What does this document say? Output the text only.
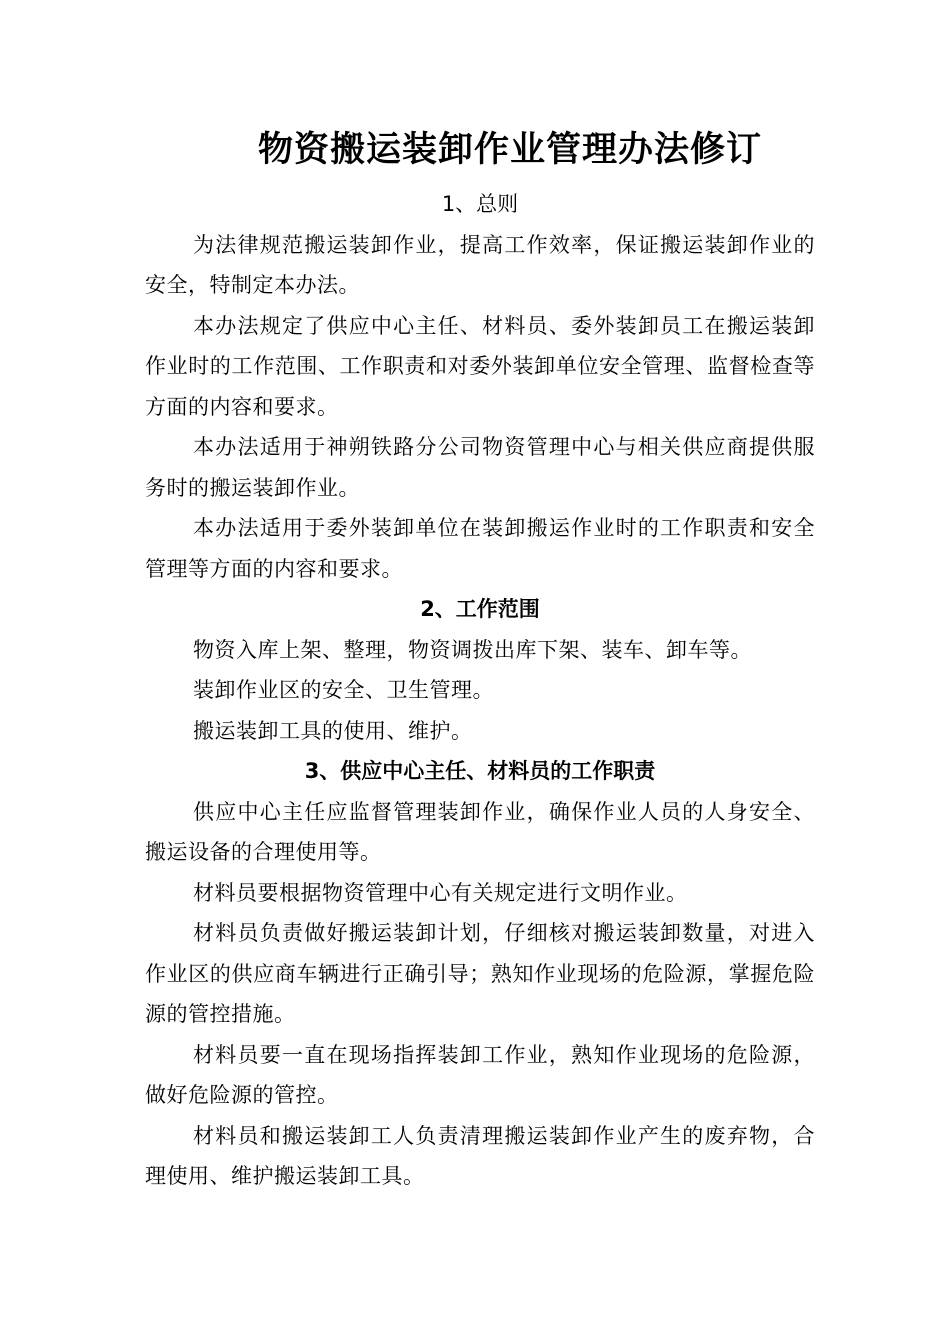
物资搬运装卸作业管理办法修订
1、总则
为法律规范搬运装卸作业，提高工作效率，保证搬运装卸作业的安全，特制定本办法。
本办法规定了供应中心主任、材料员、委外装卸员工在搬运装卸作业时的工作范围、工作职责和对委外装卸单位安全管理、监督检查等方面的内容和要求。
本办法适用于神朔铁路分公司物资管理中心与相关供应商提供服务时的搬运装卸作业。
本办法适用于委外装卸单位在装卸搬运作业时的工作职责和安全管理等方面的内容和要求。
2、工作范围
物资入库上架、整理，物资调拨出库下架、装车、卸车等。
装卸作业区的安全、卫生管理。
搬运装卸工具的使用、维护。
3、供应中心主任、材料员的工作职责
供应中心主任应监督管理装卸作业，确保作业人员的人身安全、搬运设备的合理使用等。
材料员要根据物资管理中心有关规定进行文明作业。
材料员负责做好搬运装卸计划，仔细核对搬运装卸数量，对进入作业区的供应商车辆进行正确引导；熟知作业现场的危险源，掌握危险源的管控措施。
材料员要一直在现场指挥装卸工作业，熟知作业现场的危险源，做好危险源的管控。
材料员和搬运装卸工人负责清理搬运装卸作业产生的废弃物，合理使用、维护搬运装卸工具。
